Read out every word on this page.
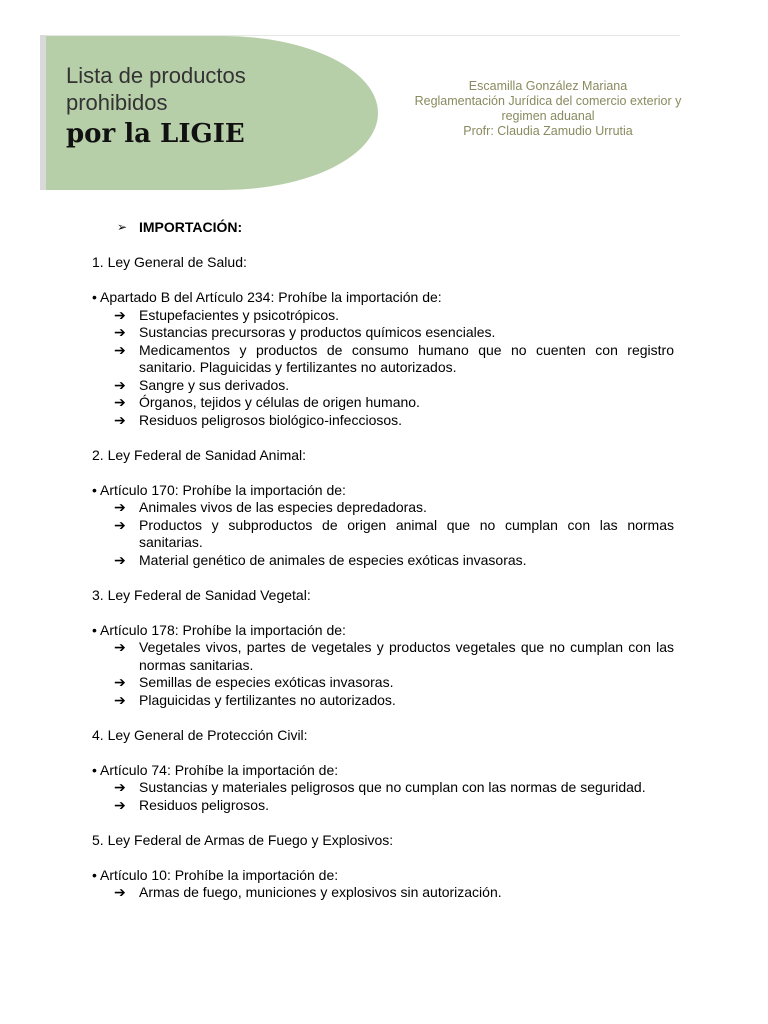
Lista de productos
prohibidos
por la LIGIE
Escamilla González Mariana
Reglamentación Jurídica del comercio exterior y
regimen aduanal
Profr: Claudia Zamudio Urrutia

➢ IMPORTACIÓN:

1. Ley General de Salud:

• Apartado B del Artículo 234: Prohíbe la importación de:

➔ Estupefacientes y psicotrópicos.
➔ Sustancias precursoras y productos químicos esenciales.
➔ Medicamentos y productos de consumo humano que no cuenten con registro sanitario. Plaguicidas y fertilizantes no autorizados.
➔ Sangre y sus derivados.
➔ Órganos, tejidos y células de origen humano.
➔ Residuos peligrosos biológico-infecciosos.

2. Ley Federal de Sanidad Animal:

• Artículo 170: Prohíbe la importación de:

➔ Animales vivos de las especies depredadoras.
➔ Productos y subproductos de origen animal que no cumplan con las normas sanitarias.
➔ Material genético de animales de especies exóticas invasoras.

3. Ley Federal de Sanidad Vegetal:

• Artículo 178: Prohíbe la importación de:

➔ Vegetales vivos, partes de vegetales y productos vegetales que no cumplan con las normas sanitarias.
➔ Semillas de especies exóticas invasoras.
➔ Plaguicidas y fertilizantes no autorizados.

4. Ley General de Protección Civil:

• Artículo 74: Prohíbe la importación de:

➔ Sustancias y materiales peligrosos que no cumplan con las normas de seguridad.
➔ Residuos peligrosos.

5. Ley Federal de Armas de Fuego y Explosivos:

• Artículo 10: Prohíbe la importación de:

➔ Armas de fuego, municiones y explosivos sin autorización.
